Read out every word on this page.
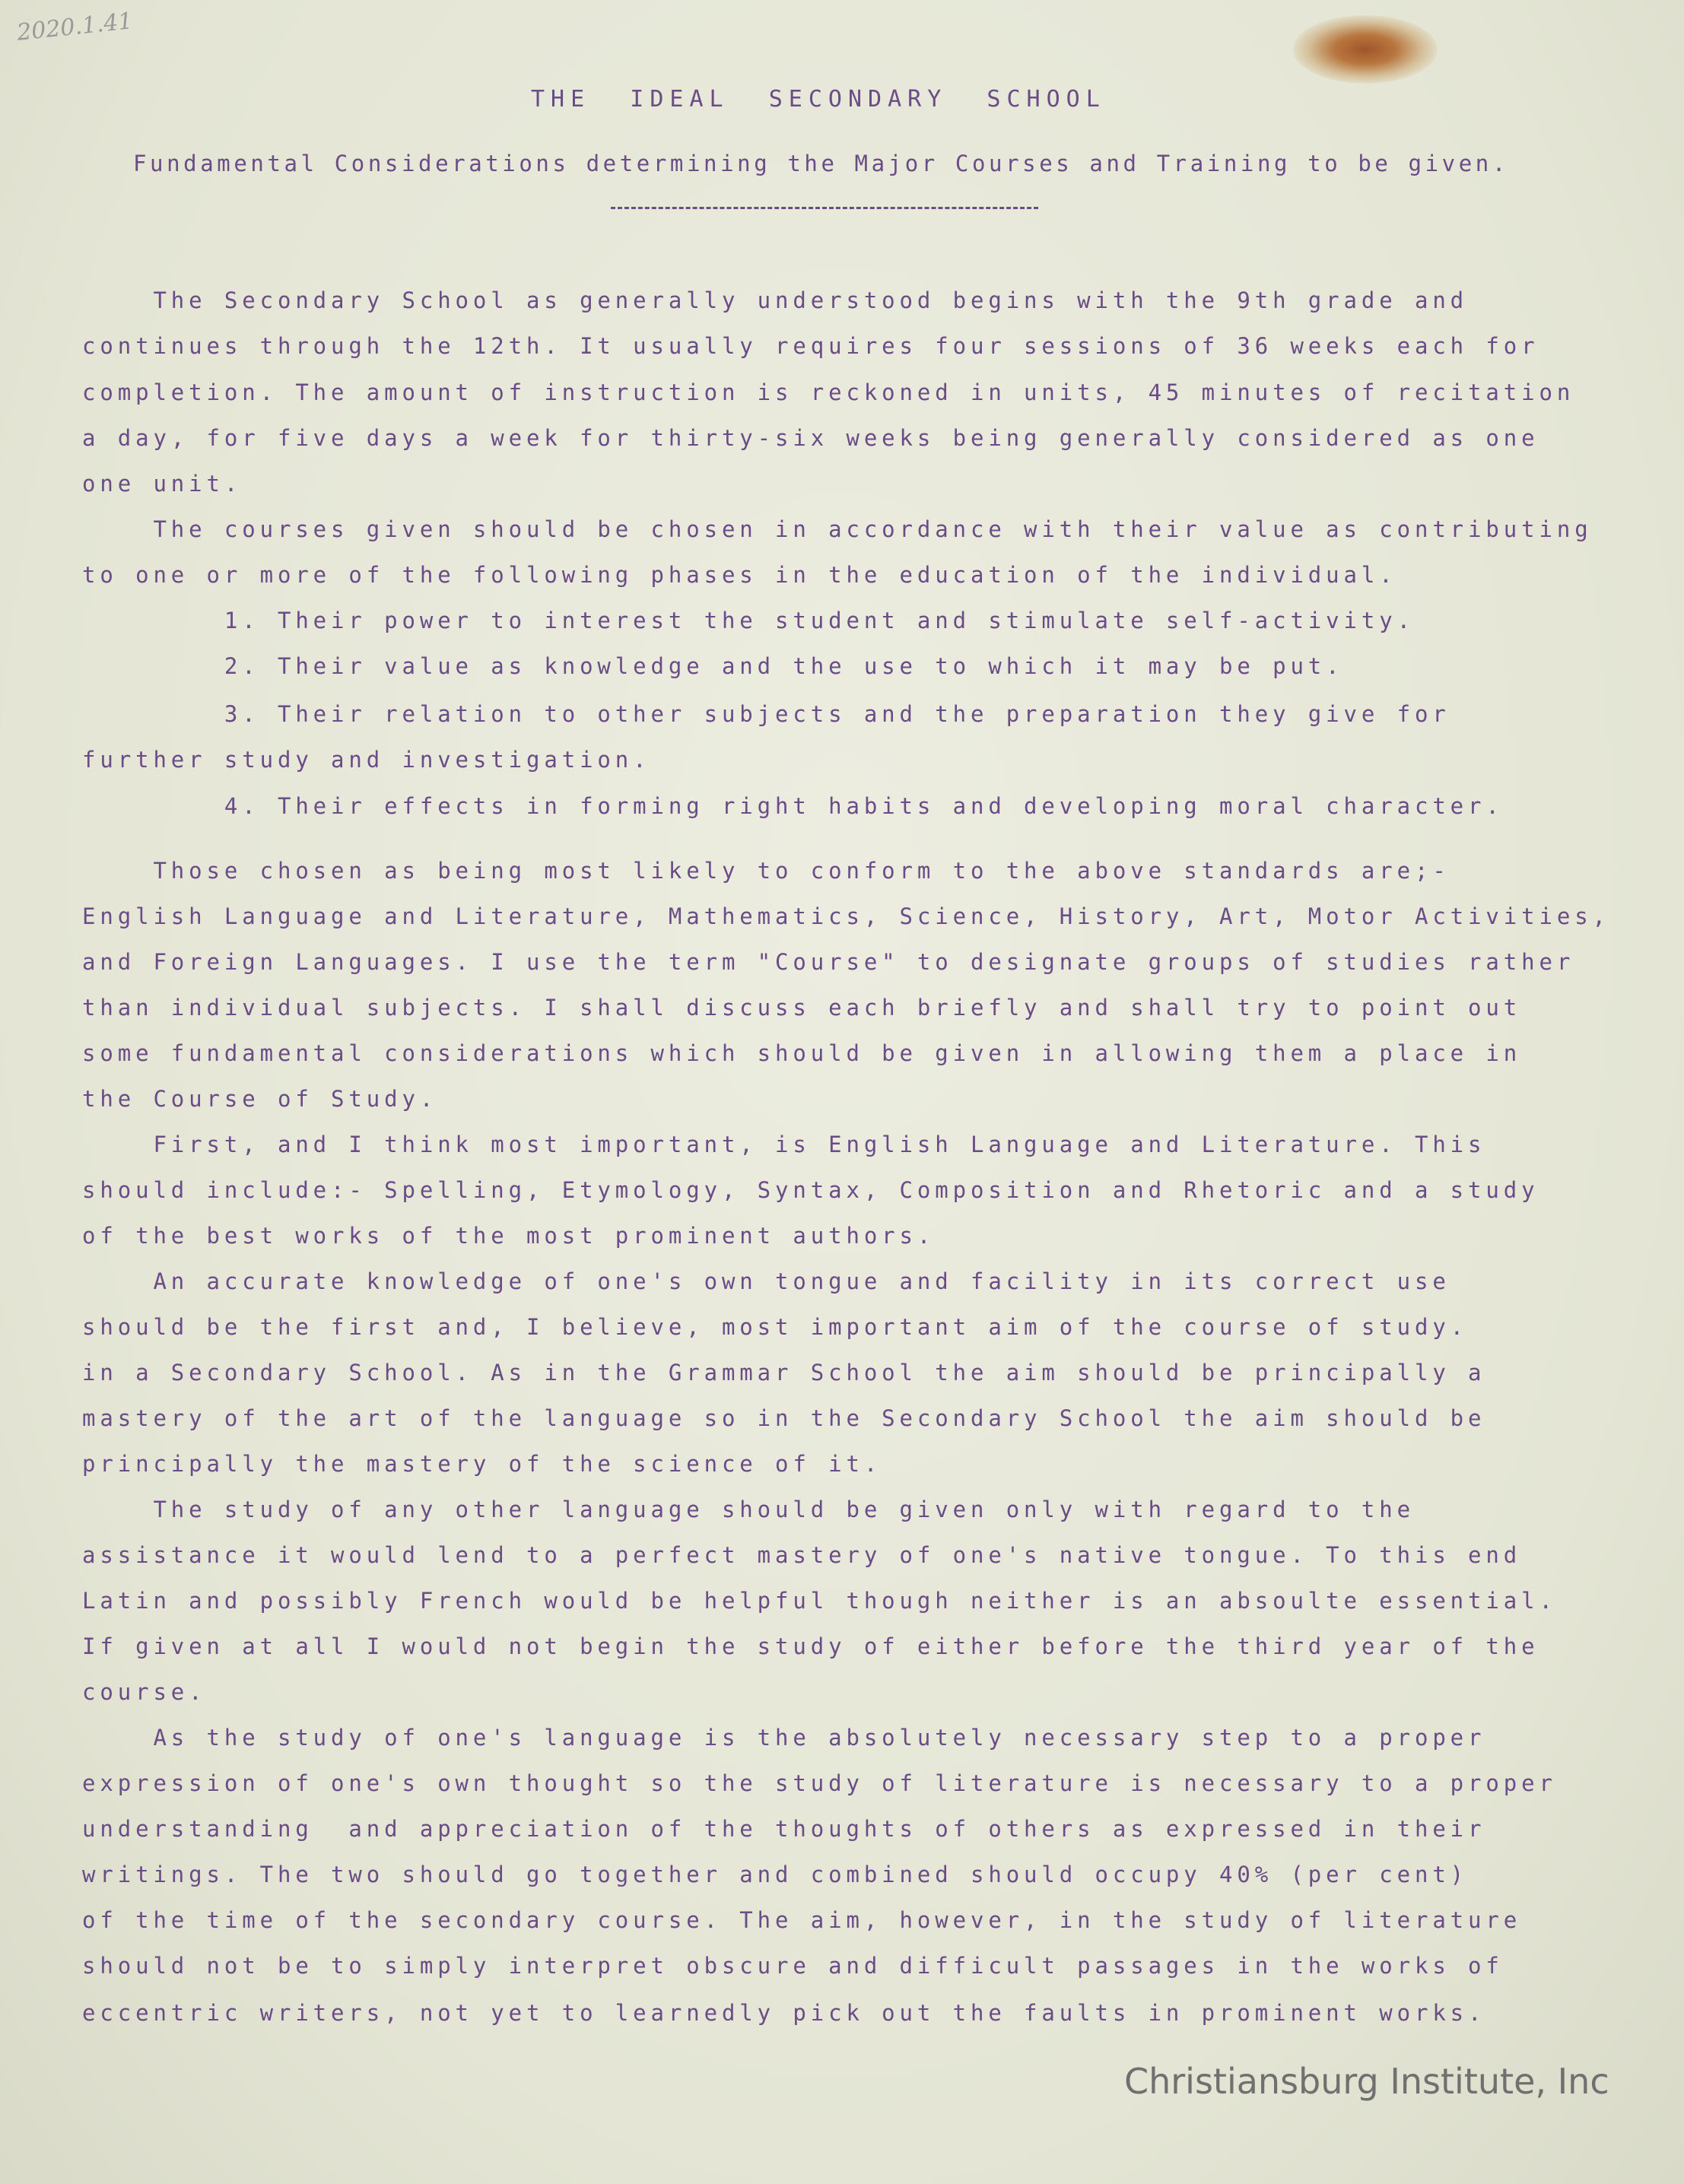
2020.1.41
THE  IDEAL  SECONDARY  SCHOOL
Fundamental Considerations determining the Major Courses and Training to be given.
The Secondary School as generally understood begins with the 9th grade and
continues through the 12th. It usually requires four sessions of 36 weeks each for
completion. The amount of instruction is reckoned in units, 45 minutes of recitation
a day, for five days a week for thirty-six weeks being generally considered as one
one unit.
The courses given should be chosen in accordance with their value as contributing
to one or more of the following phases in the education of the individual.
1. Their power to interest the student and stimulate self-activity.
2. Their value as knowledge and the use to which it may be put.
3. Their relation to other subjects and the preparation they give for
further study and investigation.
4. Their effects in forming right habits and developing moral character.
Those chosen as being most likely to conform to the above standards are;-
English Language and Literature, Mathematics, Science, History, Art, Motor Activities,
and Foreign Languages. I use the term "Course" to designate groups of studies rather
than individual subjects. I shall discuss each briefly and shall try to point out
some fundamental considerations which should be given in allowing them a place in
the Course of Study.
First, and I think most important, is English Language and Literature. This
should include:- Spelling, Etymology, Syntax, Composition and Rhetoric and a study
of the best works of the most prominent authors.
An accurate knowledge of one's own tongue and facility in its correct use
should be the first and, I believe, most important aim of the course of study.
in a Secondary School. As in the Grammar School the aim should be principally a
mastery of the art of the language so in the Secondary School the aim should be
principally the mastery of the science of it.
The study of any other language should be given only with regard to the
assistance it would lend to a perfect mastery of one's native tongue. To this end
Latin and possibly French would be helpful though neither is an absoulte essential.
If given at all I would not begin the study of either before the third year of the
course.
As the study of one's language is the absolutely necessary step to a proper
expression of one's own thought so the study of literature is necessary to a proper
understanding  and appreciation of the thoughts of others as expressed in their
writings. The two should go together and combined should occupy 40% (per cent)
of the time of the secondary course. The aim, however, in the study of literature
should not be to simply interpret obscure and difficult passages in the works of
eccentric writers, not yet to learnedly pick out the faults in prominent works.
Christiansburg Institute, Inc
